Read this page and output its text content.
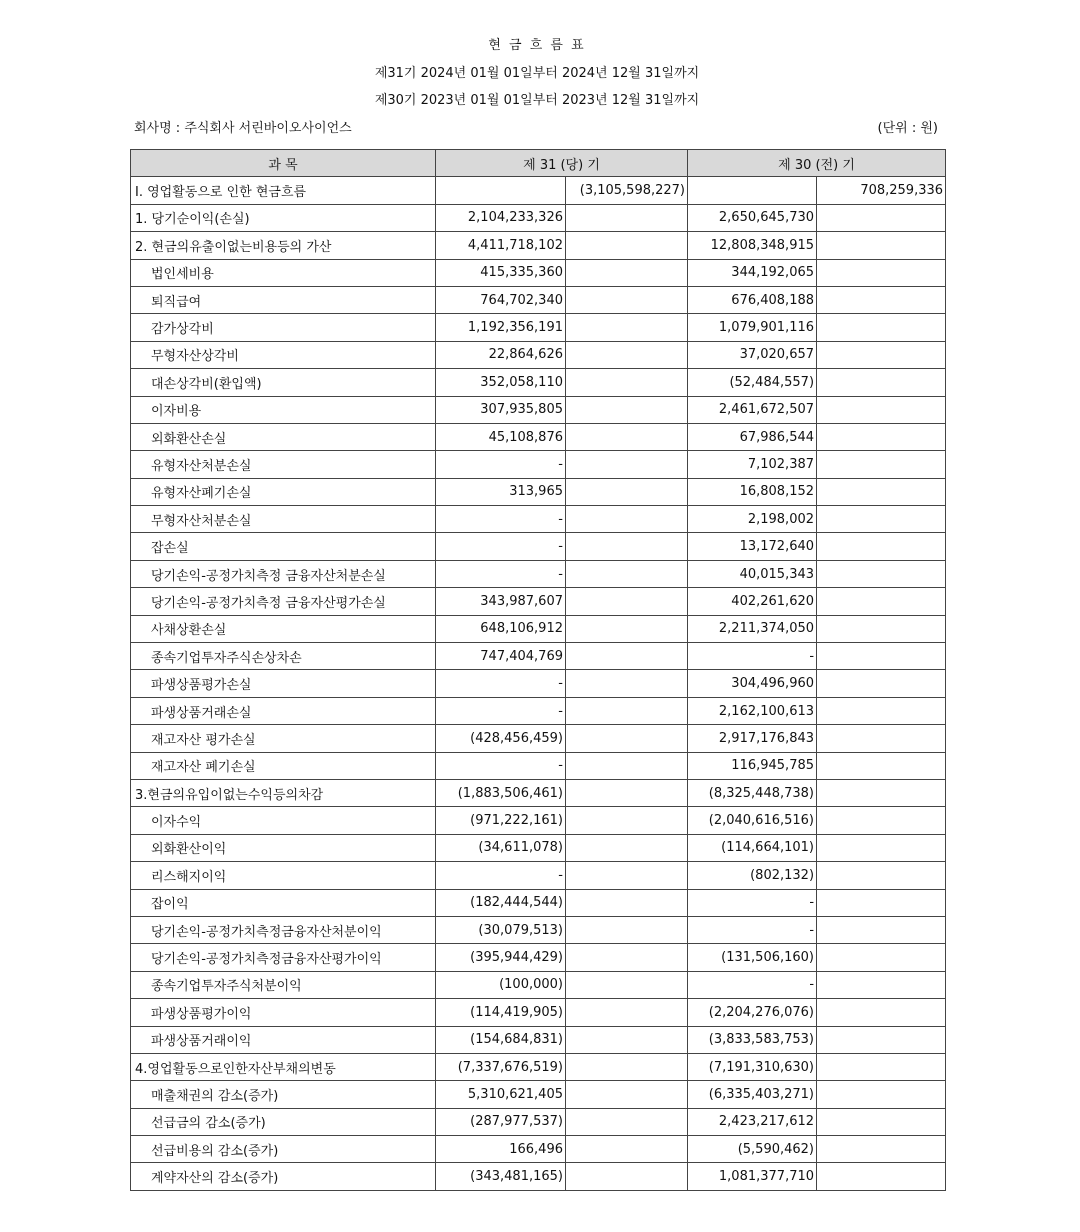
현 금 흐 름 표
제31기 2024년 01월 01일부터 2024년 12월 31일까지
제30기 2023년 01월 01일부터 2023년 12월 31일까지
회사명 : 주식회사 서린바이오사이언스	(단위 : 원)
과 목	제 31 (당) 기		제 30 (전) 기	
I. 영업활동으로 인한 현금흐름		(3,105,598,227)		708,259,336
1. 당기순이익(손실)	2,104,233,326		2,650,645,730	
2. 현금의유출이없는비용등의 가산	4,411,718,102		12,808,348,915	
법인세비용	415,335,360		344,192,065	
퇴직급여	764,702,340		676,408,188	
감가상각비	1,192,356,191		1,079,901,116	
무형자산상각비	22,864,626		37,020,657	
대손상각비(환입액)	352,058,110		(52,484,557)	
이자비용	307,935,805		2,461,672,507	
외화환산손실	45,108,876		67,986,544	
유형자산처분손실	-		7,102,387	
유형자산폐기손실	313,965		16,808,152	
무형자산처분손실	-		2,198,002	
잡손실	-		13,172,640	
당기손익-공정가치측정 금융자산처분손실	-		40,015,343	
당기손익-공정가치측정 금융자산평가손실	343,987,607		402,261,620	
사채상환손실	648,106,912		2,211,374,050	
종속기업투자주식손상차손	747,404,769		-	
파생상품평가손실	-		304,496,960	
파생상품거래손실	-		2,162,100,613	
재고자산 평가손실	(428,456,459)		2,917,176,843	
재고자산 폐기손실	-		116,945,785	
3.현금의유입이없는수익등의차감	(1,883,506,461)		(8,325,448,738)	
이자수익	(971,222,161)		(2,040,616,516)	
외화환산이익	(34,611,078)		(114,664,101)	
리스해지이익	-		(802,132)	
잡이익	(182,444,544)		-	
당기손익-공정가치측정금융자산처분이익	(30,079,513)		-	
당기손익-공정가치측정금융자산평가이익	(395,944,429)		(131,506,160)	
종속기업투자주식처분이익	(100,000)		-	
파생상품평가이익	(114,419,905)		(2,204,276,076)	
파생상품거래이익	(154,684,831)		(3,833,583,753)	
4.영업활동으로인한자산부채의변동	(7,337,676,519)		(7,191,310,630)	
매출채권의 감소(증가)	5,310,621,405		(6,335,403,271)	
선급금의 감소(증가)	(287,977,537)		2,423,217,612	
선급비용의 감소(증가)	166,496		(5,590,462)	
계약자산의 감소(증가)	(343,481,165)		1,081,377,710	
